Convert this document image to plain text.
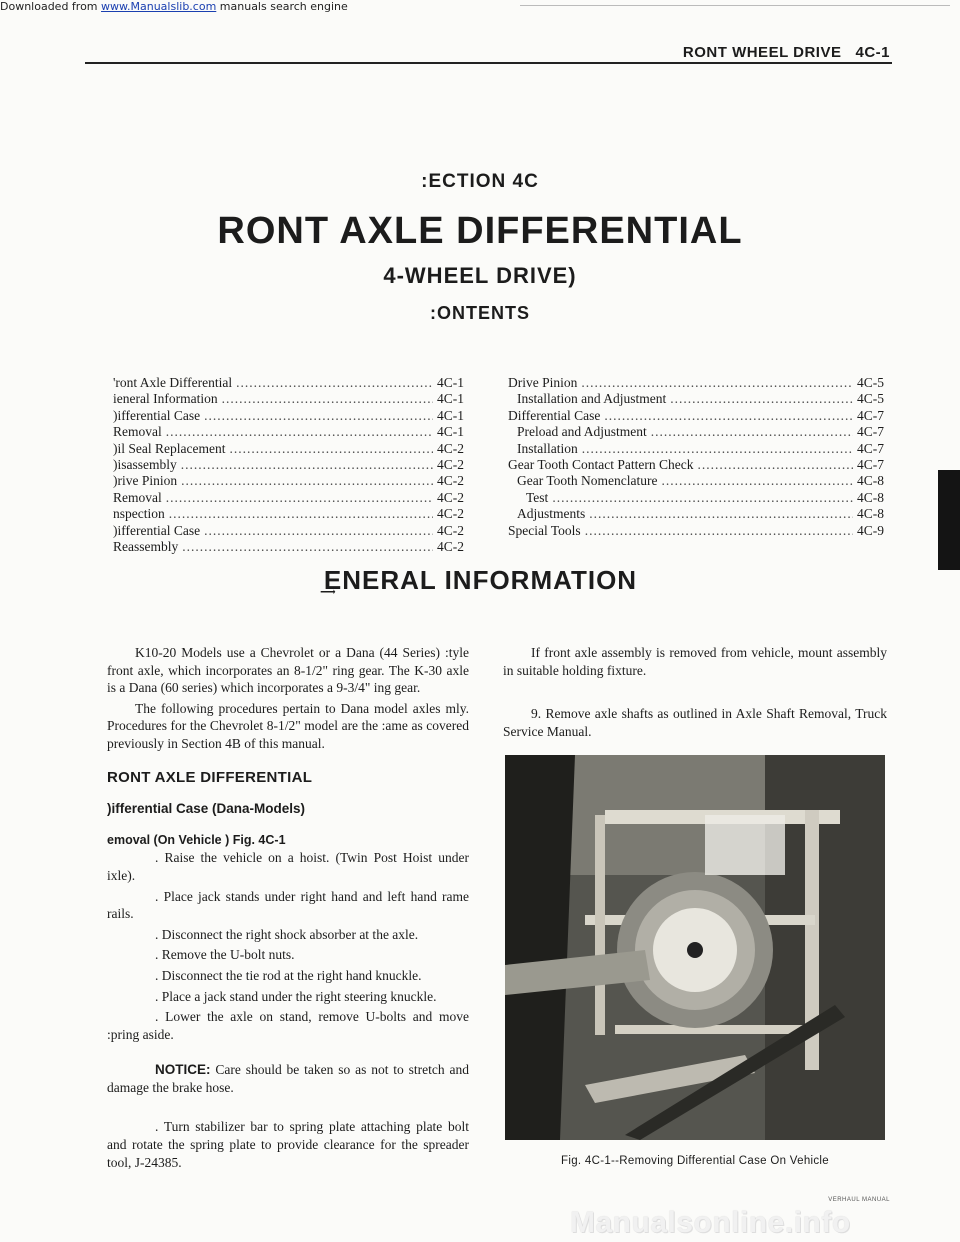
Downloaded from www.Manualslib.com manuals search engine
RONT WHEEL DRIVE 4C-1
:ECTION 4C
RONT AXLE DIFFERENTIAL
4-WHEEL DRIVE)
:ONTENTS
'ront Axle Differential .....	4C-1
ieneral Information .....	4C-1
)ifferential Case .....	4C-1
Removal .....	4C-1
)il Seal Replacement .....	4C-2
)isassembly .....	4C-2
)rive Pinion .....	4C-2
Removal .....	4C-2
nspection .....	4C-2
)ifferential Case .....	4C-2
Reassembly .....	4C-2
Drive Pinion .....	4C-5
Installation and Adjustment .....	4C-5
Differential Case .....	4C-7
Preload and Adjustment .....	4C-7
Installation .....	4C-7
Gear Tooth Contact Pattern Check .....	4C-7
Gear Tooth Nomenclature .....	4C-8
Test .....	4C-8
Adjustments .....	4C-8
Special Tools .....	4C-9
͢ENERAL INFORMATION

K10-20 Models use a Chevrolet or a Dana (44 Series) :tyle front axle, which incorporates an 8-1/2" ring gear. The K-30 axle is a Dana (60 series) which incorporates a 9-3/4" ing gear.

The following procedures pertain to Dana model axles mly. Procedures for the Chevrolet 8-1/2" model are the :ame as covered previously in Section 4B of this manual.

RONT AXLE DIFFERENTIAL

)ifferential Case (Dana-Models)

emoval (On Vehicle ) Fig. 4C-1

. Raise the vehicle on a hoist. (Twin Post Hoist under ixle).

. Place jack stands under right hand and left hand rame rails.

. Disconnect the right shock absorber at the axle.

. Remove the U-bolt nuts.

. Disconnect the tie rod at the right hand knuckle.

. Place a jack stand under the right steering knuckle.

. Lower the axle on stand, remove U-bolts and move :pring aside.

NOTICE: Care should be taken so as not to stretch and damage the brake hose.

. Turn stabilizer bar to spring plate attaching plate bolt and rotate the spring plate to provide clearance for the spreader tool, J-24385.

If front axle assembly is removed from vehicle, mount assembly in suitable holding fixture.

9. Remove axle shafts as outlined in Axle Shaft Removal, Truck Service Manual.

Fig. 4C-1--Removing Differential Case On Vehicle
VERHAUL MANUAL
Manualsonline.info
